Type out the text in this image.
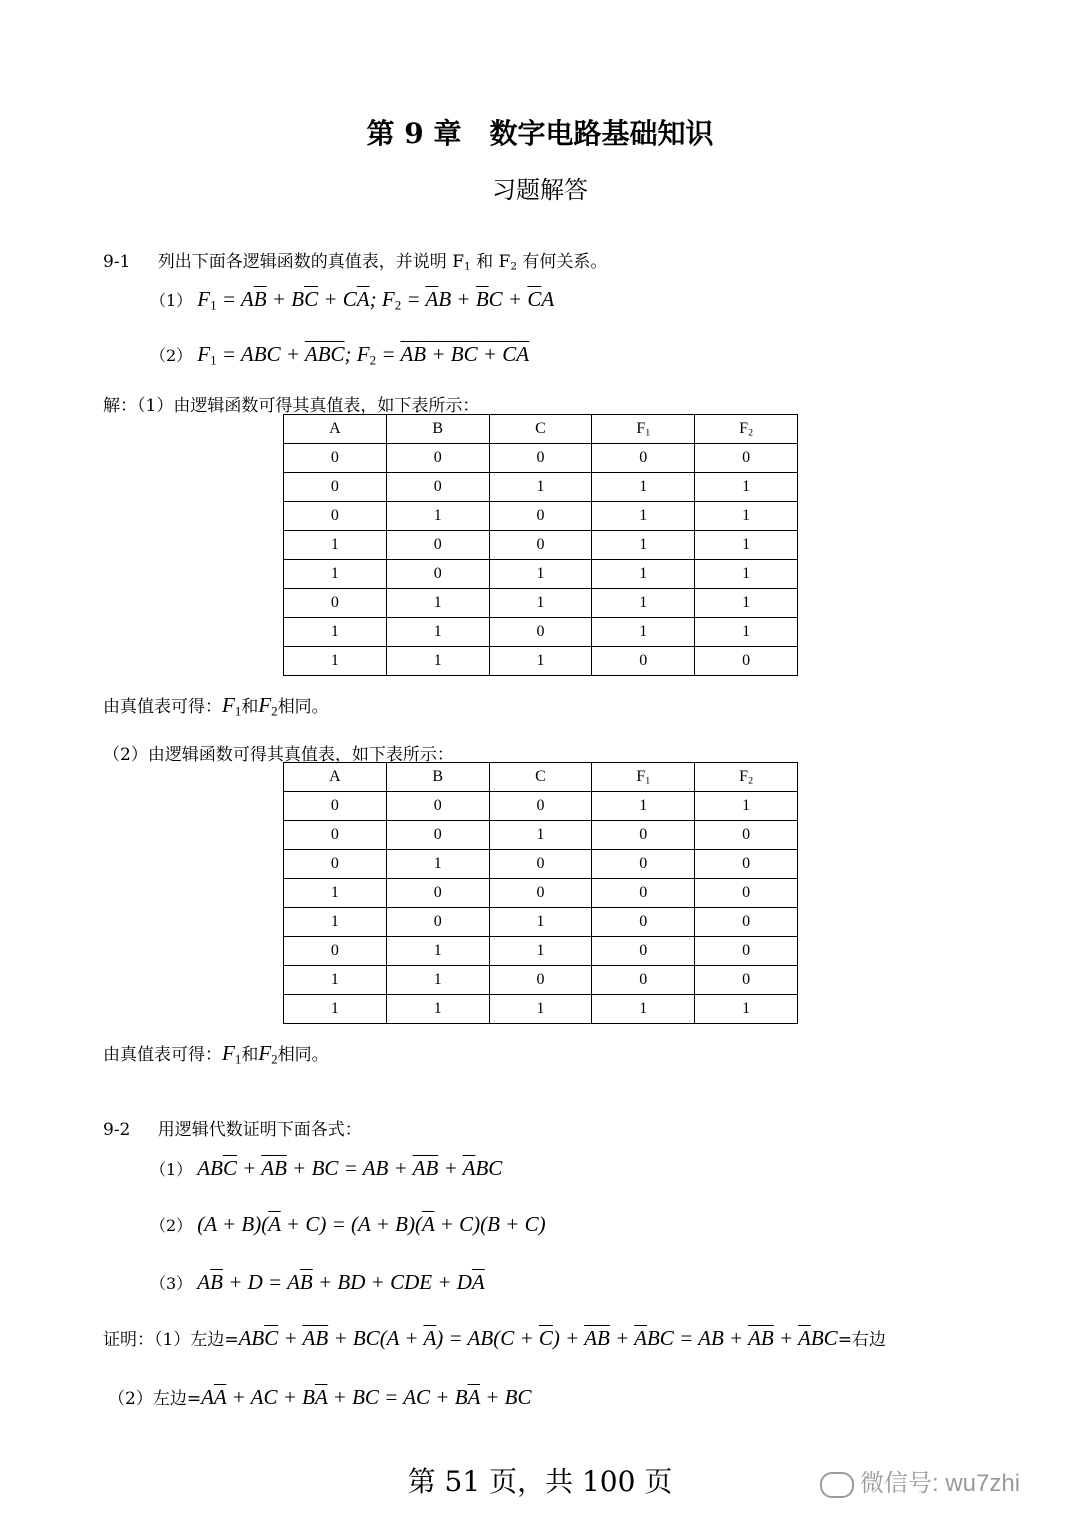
第 9 章　数字电路基础知识
习题解答
9-1 列出下面各逻辑函数的真值表，并说明 $F_1$ 和 $F_2$ 有何关系。
（1） $F_1 = A\overline{B} + B\overline{C} + C\overline{A}$; $F_2 = \overline{A}B + \overline{B}C + \overline{C}A$
（2） $F_1$ = ABC + $\overline{A}\overline{B}\overline{C}$; $F_2$ = AB + BC + CA
解：（1）由逻辑函数可得其真值表，如下表所示：
A	B	C	$F_1$	$F_2$
0	0	0	0	0
0	0	1	1	1
0	1	0	1	1
1	0	0	1	1
1	0	1	1	1
0	1	1	1	1
1	1	0	1	1
1	1	1	0	0
由真值表可得：$F_1$和$F_2$相同。
（2）由逻辑函数可得其真值表，如下表所示：
A	B	C	$F_1$	$F_2$
0	0	0	1	1
0	0	1	0	0
0	1	0	0	0
1	0	0	0	0
1	0	1	0	0
0	1	1	0	0
1	1	0	0	0
1	1	1	1	1
由真值表可得：$F_1$和$F_2$相同。
9-2 用逻辑代数证明下面各式：
（1） $AB\overline{C} + \overline{A}\overline{B}$ + BC = AB + $\overline{A}\overline{B} + \overline{A}BC$
（2） $(A + B)(\overline{A} + C) = (A + B)(\overline{A} + C)(B + C)$
（3） $A\overline{B} + D = A\overline{B}$ + BD + CDE + $D\overline{A}$
证明：（1）左边$=AB\overline{C} + \overline{A}\overline{B} + BC(A + \overline{A}) = AB(C + \overline{C}) + \overline{A}\overline{B} + \overline{A}BC$ = AB + $\overline{A}\overline{B} + \overline{A}BC=$右边
（2）左边$=A\overline{A}$ + AC + $B\overline{A}$ + BC = AC + $B\overline{A}$ + BC
第 51 页，共 100 页	微信号: wu7zhi
